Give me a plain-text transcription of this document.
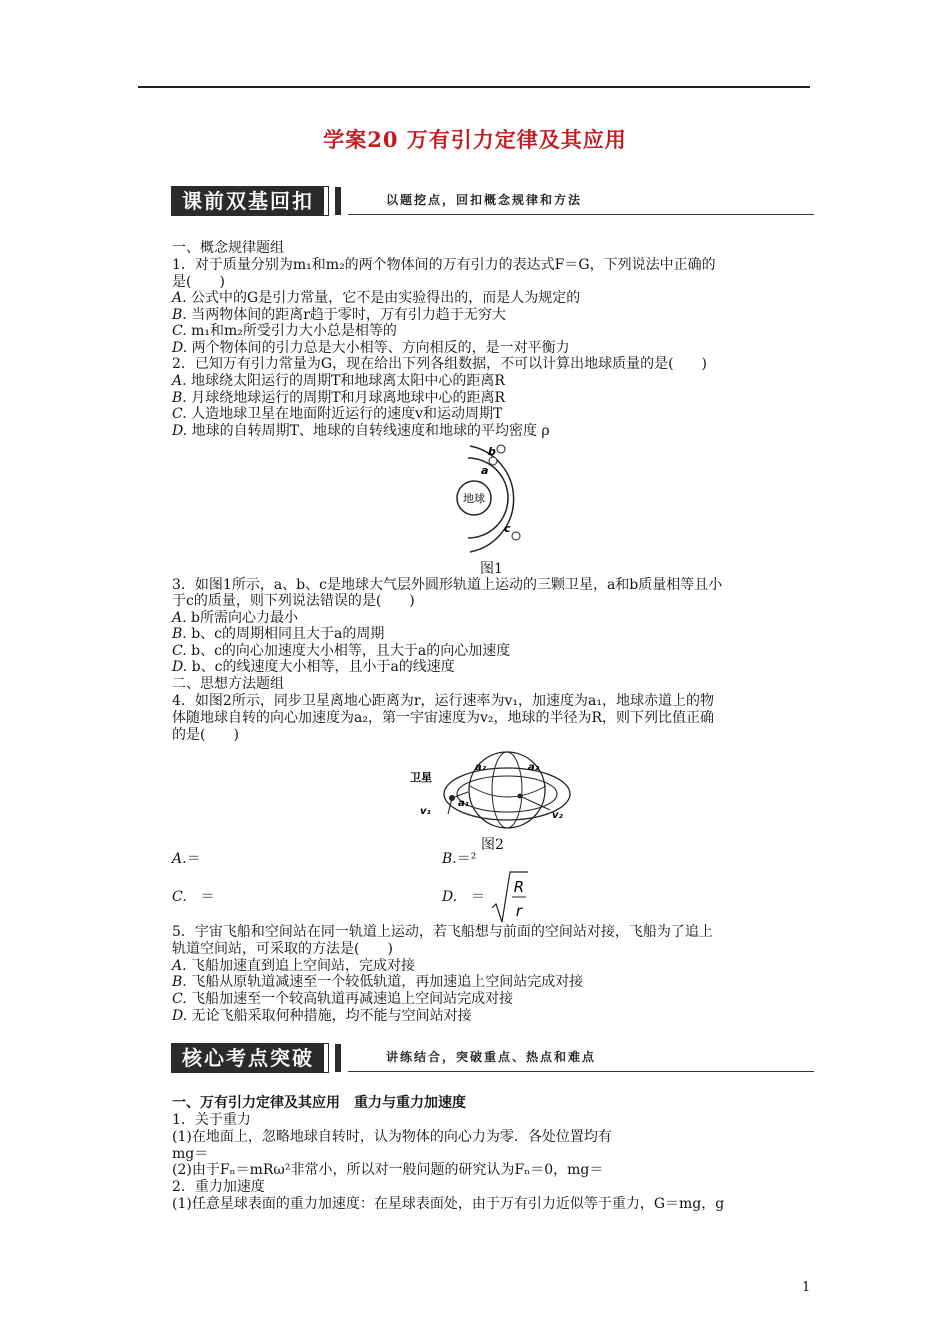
学案20 万有引力定律及其应用
课前双基回扣	以题挖点，回扣概念规律和方法
一、概念规律题组
1．对于质量分别为m₁和m₂的两个物体间的万有引力的表达式F＝G，下列说法中正确的
是(　　)
A. 公式中的G是引力常量，它不是由实验得出的，而是人为规定的
B. 当两物体间的距离r趋于零时，万有引力趋于无穷大
C. m₁和m₂所受引力大小总是相等的
D. 两个物体间的引力总是大小相等、方向相反的，是一对平衡力
2．已知万有引力常量为G，现在给出下列各组数据，不可以计算出地球质量的是(　　)
A. 地球绕太阳运行的周期T和地球离太阳中心的距离R
B. 月球绕地球运行的周期T和月球离地球中心的距离R
C. 人造地球卫星在地面附近运行的速度v和运动周期T
D. 地球的自转周期T、地球的自转线速度和地球的平均密度 ρ
地球
a
b
c
图1
3．如图1所示，a、b、c是地球大气层外圆形轨道上运动的三颗卫星，a和b质量相等且小
于c的质量，则下列说法错误的是(　　)
A. b所需向心力最小
B. b、c的周期相同且大于a的周期
C. b、c的向心加速度大小相等，且大于a的向心加速度
D. b、c的线速度大小相等，且小于a的线速度
二、思想方法题组
4．如图2所示，同步卫星离地心距离为r，运行速率为v₁，加速度为a₁，地球赤道上的物
体随地球自转的向心加速度为a₂，第一宇宙速度为v₂，地球的半径为R，则下列比值正确
的是(　　)
卫星
a₁
a₂	a₂
v₁	v₂
图2
A.＝	B.＝²
C.　＝	D.　＝
R
r
5．宇宙飞船和空间站在同一轨道上运动，若飞船想与前面的空间站对接，飞船为了追上
轨道空间站，可采取的方法是(　　)
A. 飞船加速直到追上空间站，完成对接
B. 飞船从原轨道减速至一个较低轨道，再加速追上空间站完成对接
C. 飞船加速至一个较高轨道再减速追上空间站完成对接
D. 无论飞船采取何种措施，均不能与空间站对接
核心考点突破	讲练结合，突破重点、热点和难点
一、万有引力定律及其应用　重力与重力加速度
1．关于重力
(1)在地面上，忽略地球自转时，认为物体的向心力为零．各处位置均有
mg＝
(2)由于Fₙ＝mRω²非常小，所以对一般问题的研究认为Fₙ＝0，mg＝
2．重力加速度
(1)任意星球表面的重力加速度：在星球表面处，由于万有引力近似等于重力，G＝mg，g
1
